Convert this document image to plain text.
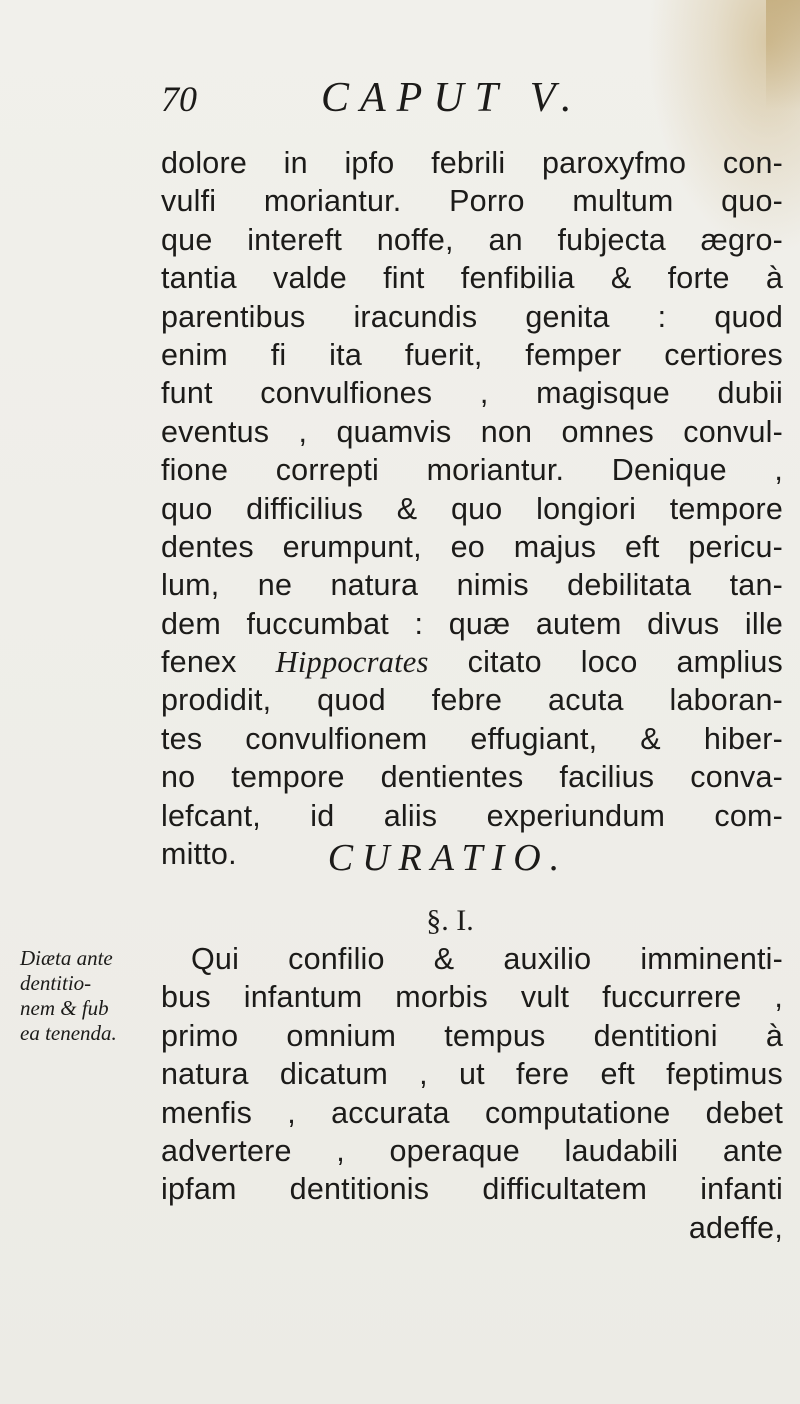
70	CAPUT V.
dolore in ipfo febrili paroxyfmo con-
vulfi moriantur. Porro multum quo-
que intereft noffe, an fubjecta ægro-
tantia valde fint fenfibilia & forte à
parentibus iracundis genita : quod
enim fi ita fuerit, femper certiores
funt convulfiones , magisque dubii
eventus , quamvis non omnes convul-
fione correpti moriantur. Denique ,
quo difficilius & quo longiori tempore
dentes erumpunt, eo majus eft pericu-
lum, ne natura nimis debilitata tan-
dem fuccumbat : quæ autem divus ille
fenex Hippocrates citato loco amplius
prodidit, quod febre acuta laboran-
tes convulfionem effugiant, & hiber-
no tempore dentientes facilius conva-
lefcant, id aliis experiundum com-
mitto.	CURATIO.
§. I.
Diæta ante
dentitio-
nem & fub
ea tenenda.
Qui confilio & auxilio imminenti-
bus infantum morbis vult fuccurrere ,
primo omnium tempus dentitioni à
natura dicatum , ut fere eft feptimus
menfis , accurata computatione debet
advertere , operaque laudabili ante
ipfam dentitionis difficultatem infanti
adeffe,
